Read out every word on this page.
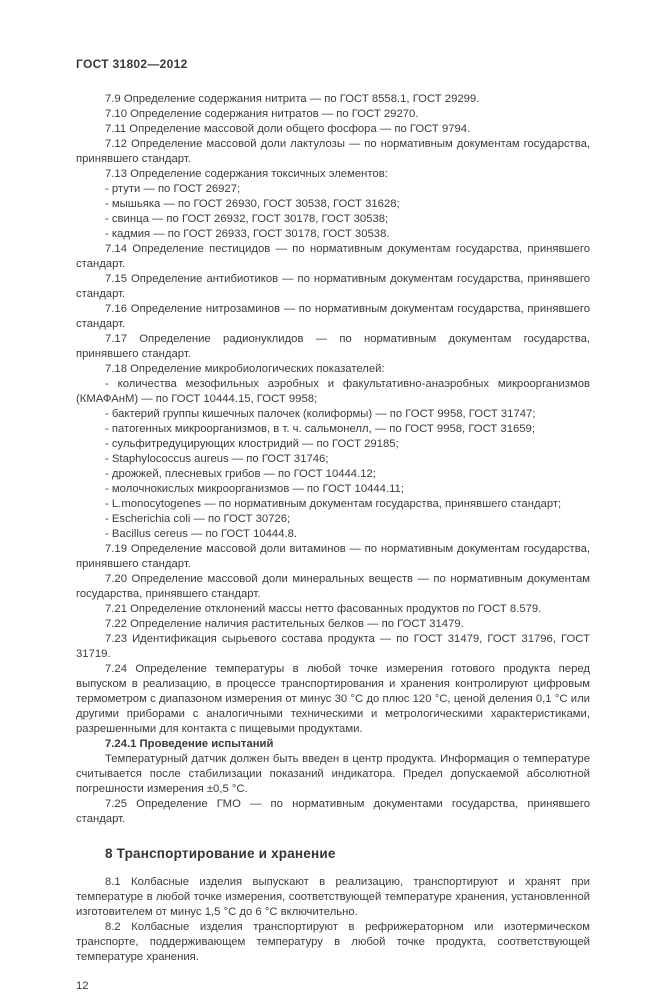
ГОСТ 31802—2012

7.9 Определение содержания нитрита — по ГОСТ 8558.1, ГОСТ 29299.

7.10 Определение содержания нитратов — по ГОСТ 29270.

7.11 Определение массовой доли общего фосфора — по ГОСТ 9794.

7.12 Определение массовой доли лактулозы — по нормативным документам государства, принявшего стандарт.

7.13 Определение содержания токсичных элементов:

- ртути — по ГОСТ 26927;

- мышьяка — по ГОСТ 26930, ГОСТ 30538, ГОСТ 31628;

- свинца — по ГОСТ 26932, ГОСТ 30178, ГОСТ 30538;

- кадмия — по ГОСТ 26933, ГОСТ 30178, ГОСТ 30538.

7.14 Определение пестицидов — по нормативным документам государства, принявшего стандарт.

7.15 Определение антибиотиков — по нормативным документам государства, принявшего стандарт.

7.16 Определение нитрозаминов — по нормативным документам государства, принявшего стандарт.

7.17 Определение радионуклидов — по нормативным документам государства, принявшего стандарт.

7.18 Определение микробиологических показателей:

- количества мезофильных аэробных и факультативно-анаэробных микроорганизмов (КМАФАнМ) — по ГОСТ 10444.15, ГОСТ 9958;

- бактерий группы кишечных палочек (колиформы) — по ГОСТ 9958, ГОСТ 31747;

- патогенных микроорганизмов, в т. ч. сальмонелл, — по ГОСТ 9958, ГОСТ 31659;

- сульфитредуцирующих клостридий — по ГОСТ 29185;

- Staphylococcus aureus — по ГОСТ 31746;

- дрожжей, плесневых грибов — по ГОСТ 10444.12;

- молочнокислых микроорганизмов — по ГОСТ 10444.11;

- L.monocytogenes — по нормативным документам государства, принявшего стандарт;

- Escherichia coli — по ГОСТ 30726;

- Bacillus cereus — по ГОСТ 10444.8.

7.19 Определение массовой доли витаминов — по нормативным документам государства, принявшего стандарт.

7.20 Определение массовой доли минеральных веществ — по нормативным документам государства, принявшего стандарт.

7.21 Определение отклонений массы нетто фасованных продуктов по ГОСТ 8.579.

7.22 Определение наличия растительных белков — по ГОСТ 31479.

7.23 Идентификация сырьевого состава продукта — по ГОСТ 31479, ГОСТ 31796, ГОСТ 31719.

7.24 Определение температуры в любой точке измерения готового продукта перед выпуском в реализацию, в процессе транспортирования и хранения контролируют цифровым термометром с диапазоном измерения от минус 30 °С до плюс 120 °С, ценой деления 0,1 °С или другими приборами с аналогичными техническими и метрологическими характеристиками, разрешенными для контакта с пищевыми продуктами.

7.24.1 Проведение испытаний

Температурный датчик должен быть введен в центр продукта. Информация о температуре считывается после стабилизации показаний индикатора. Предел допускаемой абсолютной погрешности измерения ±0,5 °С.

7.25 Определение ГМО — по нормативным документами государства, принявшего стандарт.

8 Транспортирование и хранение

8.1 Колбасные изделия выпускают в реализацию, транспортируют и хранят при температуре в любой точке измерения, соответствующей температуре хранения, установленной изготовителем от минус 1,5 °С до 6 °С включительно.

8.2 Колбасные изделия транспортируют в рефрижераторном или изотермическом транспорте, поддерживающем температуру в любой точке продукта, соответствующей температуре хранения.

12
